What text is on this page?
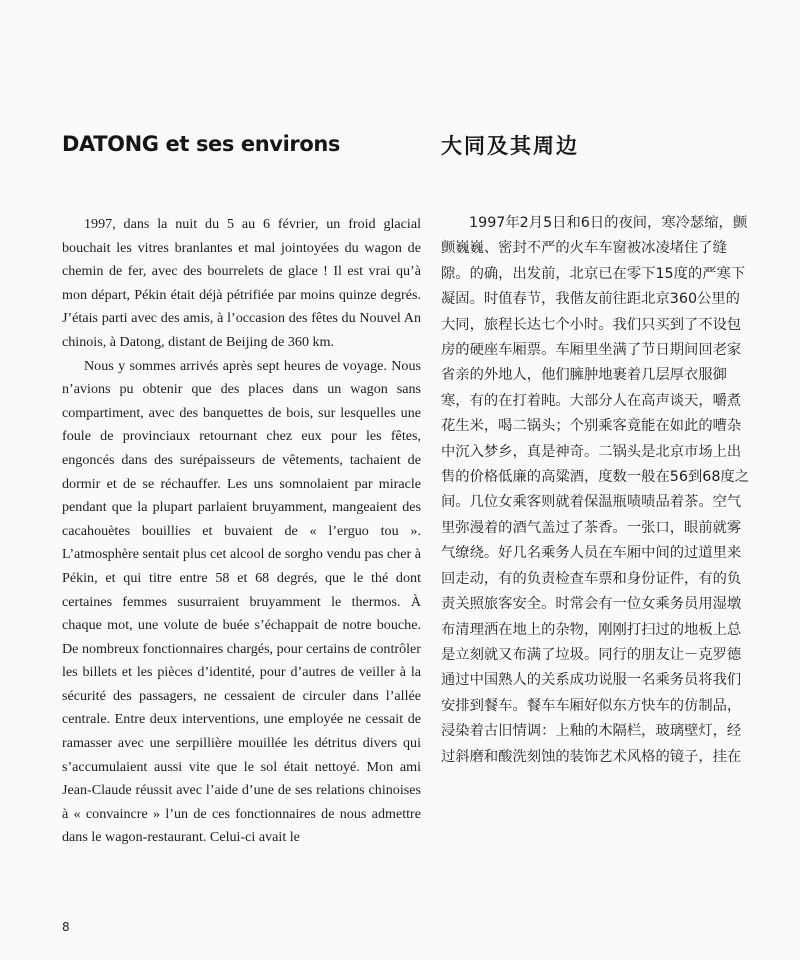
DATONG et ses environs	大同及其周边

1997, dans la nuit du 5 au 6 février, un froid glacial bouchait les vitres branlantes et mal jointoyées du wagon de chemin de fer, avec des bourrelets de glace ! Il est vrai qu’à mon départ, Pékin était déjà pétrifiée par moins quinze degrés. J’étais parti avec des amis, à l’occasion des fêtes du Nouvel An chinois, à Datong, distant de Beijing de 360 km.

Nous y sommes arrivés après sept heures de voyage. Nous n’avions pu obtenir que des places dans un wagon sans compartiment, avec des banquettes de bois, sur lesquelles une foule de provinciaux retournant chez eux pour les fêtes, engoncés dans des surépaisseurs de vêtements, tachaient de dormir et de se réchauffer. Les uns somnolaient par miracle pendant que la plupart parlaient bruyamment, mangeaient des cacahouètes bouillies et buvaient de « l’erguo tou ». L’atmosphère sentait plus cet alcool de sorgho vendu pas cher à Pékin, et qui titre entre 58 et 68 degrés, que le thé dont certaines femmes susurraient bruyamment le thermos. À chaque mot, une volute de buée s’échappait de notre bouche. De nombreux fonctionnaires chargés, pour certains de contrôler les billets et les pièces d’identité, pour d’autres de veiller à la sécurité des passagers, ne cessaient de circuler dans l’allée centrale. Entre deux interventions, une employée ne cessait de ramasser avec une serpillière mouillée les détritus divers qui s’accumulaient aussi vite que le sol était nettoyé. Mon ami Jean-Claude réussit avec l’aide d’une de ses relations chinoises à « convaincre » l’un de ces fonctionnaires de nous admettre dans le wagon-restaurant. Celui-ci avait le

1997年2月5日和6日的夜间，寒冷瑟缩，颤
颤巍巍、密封不严的火车车窗被冰凌堵住了缝
隙。的确，出发前，北京已在零下15度的严寒下
凝固。时值春节，我偕友前往距北京360公里的
大同，旅程长达七个小时。我们只买到了不设包
房的硬座车厢票。车厢里坐满了节日期间回老家
省亲的外地人，他们臃肿地裹着几层厚衣服御
寒，有的在打着盹。大部分人在高声谈天，嚼煮
花生米，喝二锅头；个别乘客竟能在如此的嘈杂
中沉入梦乡，真是神奇。二锅头是北京市场上出
售的价格低廉的高粱酒，度数一般在56到68度之
间。几位女乘客则就着保温瓶啧啧品着茶。空气
里弥漫着的酒气盖过了茶香。一张口，眼前就雾
气缭绕。好几名乘务人员在车厢中间的过道里来
回走动，有的负责检查车票和身份证件，有的负
责关照旅客安全。时常会有一位女乘务员用湿墩
布清理洒在地上的杂物，刚刚打扫过的地板上总
是立刻就又布满了垃圾。同行的朋友让－克罗德
通过中国熟人的关系成功说服一名乘务员将我们
安排到餐车。餐车车厢好似东方快车的仿制品，
浸染着古旧情调：上釉的木隔栏，玻璃壁灯，经
过斜磨和酸洗刻蚀的装饰艺术风格的镜子，挂在

8
